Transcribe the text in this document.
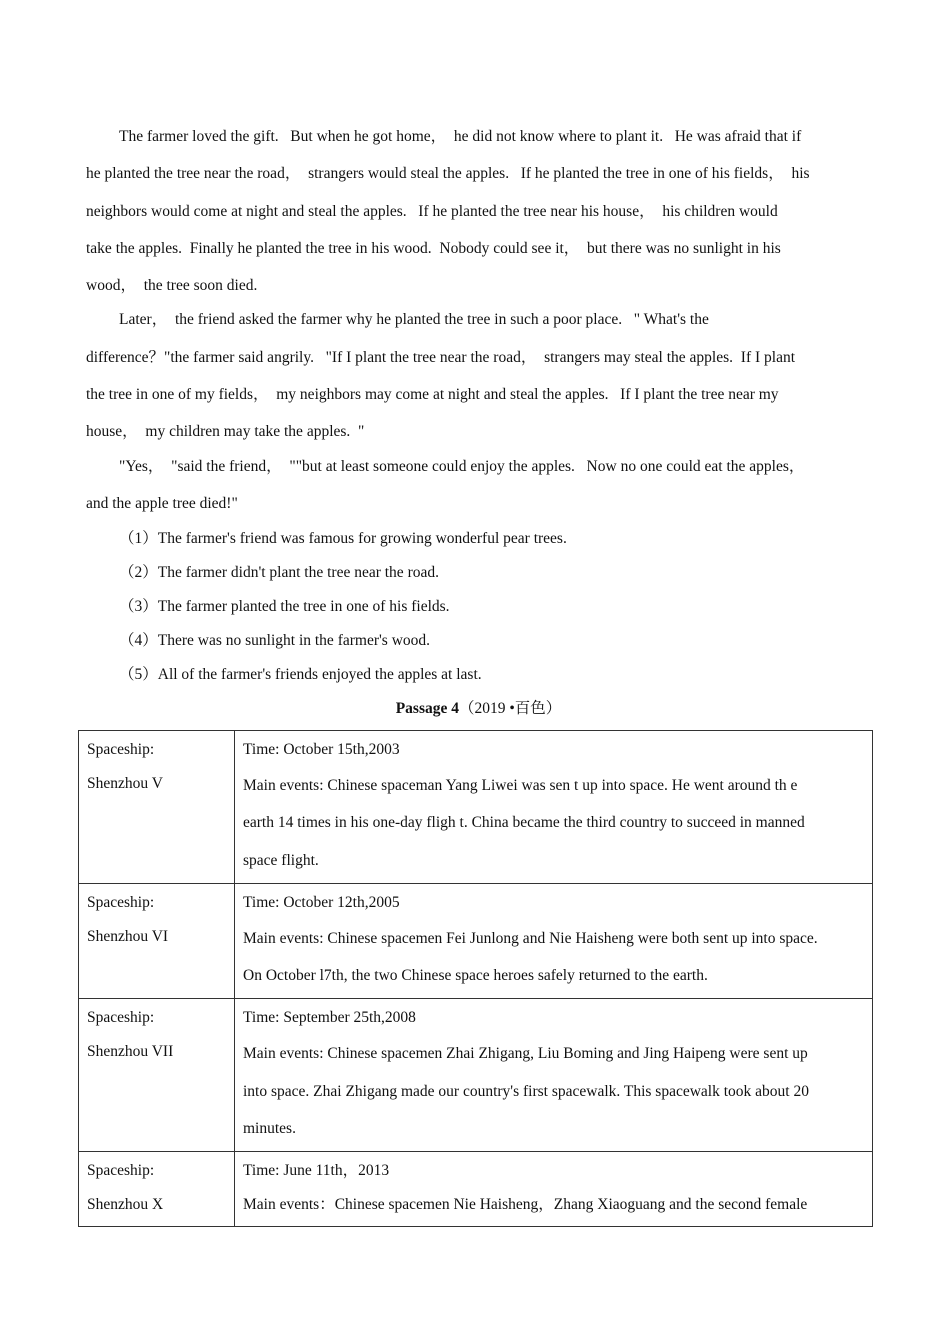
The farmer loved the gift.   But when he got home，  he did not know where to plant it.   He was afraid that if
he planted the tree near the road，  strangers would steal the apples.   If he planted the tree in one of his fields，  his
neighbors would come at night and steal the apples.   If he planted the tree near his house，  his children would
take the apples.  Finally he planted the tree in his wood.  Nobody could see it，  but there was no sunlight in his
wood，  the tree soon died.

Later，  the friend asked the farmer why he planted the tree in such a poor place.   " What's the
difference？"the farmer said angrily.   "If I plant the tree near the road，  strangers may steal the apples.  If I plant
the tree in one of my fields，  my neighbors may come at night and steal the apples.   If I plant the tree near my
house，  my children may take the apples.  "

"Yes，  "said the friend，  ""but at least someone could enjoy the apples.   Now no one could eat the apples，
and the apple tree died!"

（1）The farmer's friend was famous for growing wonderful pear trees.

（2）The farmer didn't plant the tree near the road.

（3）The farmer planted the tree in one of his fields.

（4）There was no sunlight in the farmer's wood.

（5）All of the farmer's friends enjoyed the apples at last.

Passage 4（2019 •百色）

Spaceship:
Shenzhou V	Time: October 15th,2003
Main events: Chinese spaceman Yang Liwei was sen t up into space. He went around th e
earth 14 times in his one-day fligh t. China became the third country to succeed in manned
space flight.

Spaceship:
Shenzhou VI	Time: October 12th,2005
Main events: Chinese spacemen Fei Junlong and Nie Haisheng were both sent up into space.
On October l7th, the two Chinese space heroes safely returned to the earth.

Spaceship:
Shenzhou VII	Time: September 25th,2008
Main events: Chinese spacemen Zhai Zhigang, Liu Boming and Jing Haipeng were sent up
into space. Zhai Zhigang made our country's first spacewalk. This spacewalk took about 20
minutes.

Spaceship:
Shenzhou X	Time: June 11th，2013
Main events：Chinese spacemen Nie Haisheng，Zhang Xiaoguang and the second female
